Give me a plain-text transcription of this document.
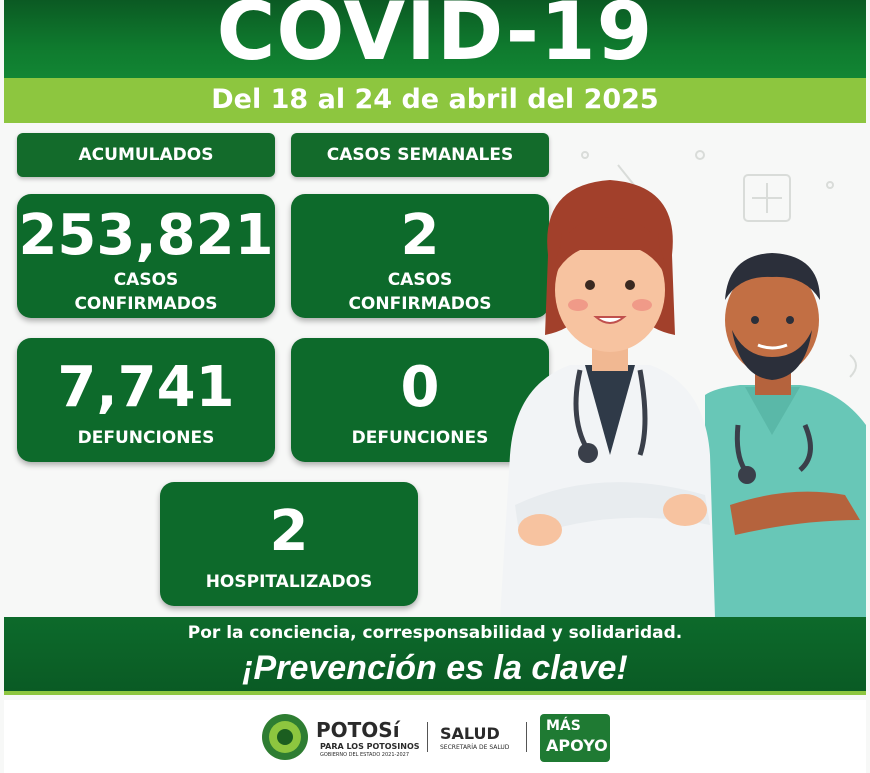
COVID-19
Del 18 al 24 de abril del 2025
ACUMULADOS	CASOS SEMANALES
253,821
CASOS
CONFIRMADOS
2
CASOS
CONFIRMADOS
7,741
DEFUNCIONES
0
DEFUNCIONES
2
HOSPITALIZADOS
Por la conciencia, corresponsabilidad y solidaridad.
¡Prevención es la clave!
POTOSí
PARA LOS POTOSINOS
GOBIERNO DEL ESTADO 2021-2027
SALUD
SECRETARÍA DE SALUD
MÁS
APOYO
